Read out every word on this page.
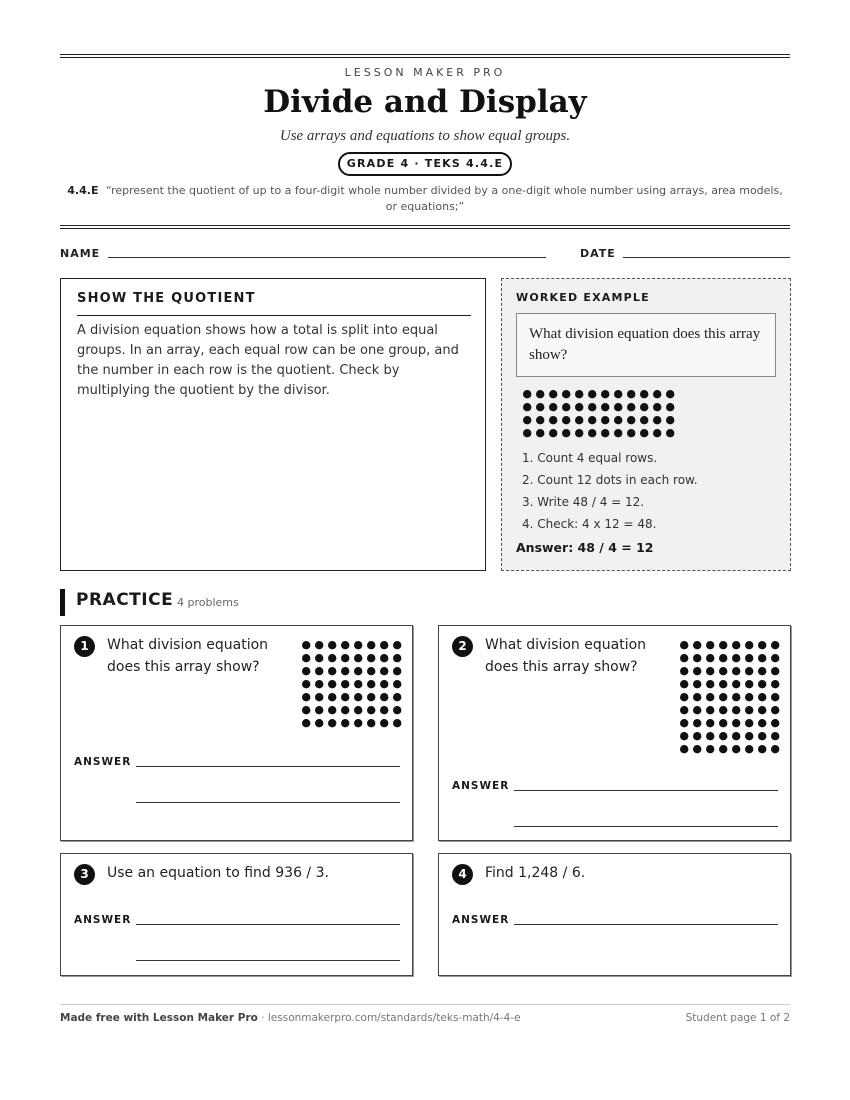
LESSON MAKER PRO
Divide and Display
Use arrays and equations to show equal groups.
GRADE 4 · TEKS 4.4.E
4.4.E “represent the quotient of up to a four-digit whole number divided by a one-digit whole number using arrays, area models, or equations;”
NAME	DATE
SHOW THE QUOTIENT
A division equation shows how a total is split into equal groups. In an array, each equal row can be one group, and the number in each row is the quotient. Check by multiplying the quotient by the divisor.
WORKED EXAMPLE
What division equation does this array show?
1. Count 4 equal rows.
2. Count 12 dots in each row.
3. Write 48 / 4 = 12.
4. Check: 4 x 12 = 48.
Answer: 48 / 4 = 12
PRACTICE 4 problems
1	What division equation does this array show?
ANSWER
2	What division equation does this array show?
ANSWER
3	Use an equation to find 936 / 3.
ANSWER
4	Find 1,248 / 6.
ANSWER
Made free with Lesson Maker Pro · lessonmakerpro.com/standards/teks-math/4-4-e	Student page 1 of 2
